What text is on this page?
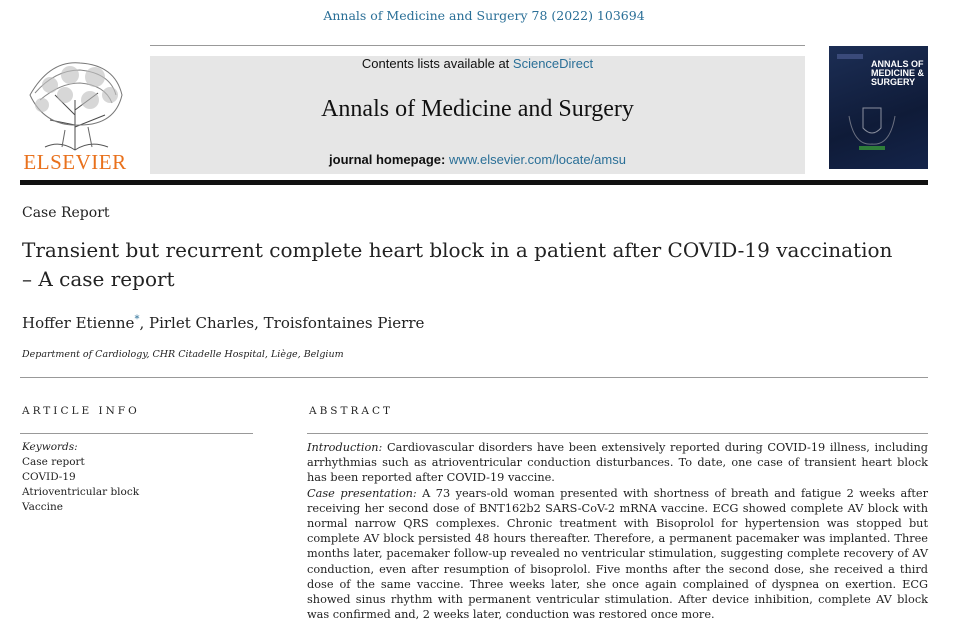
Annals of Medicine and Surgery 78 (2022) 103694
ELSEVIER
Contents lists available at ScienceDirect
Annals of Medicine and Surgery
journal homepage: www.elsevier.com/locate/amsu
ANNALS OF MEDICINE & SURGERY
Case Report
Transient but recurrent complete heart block in a patient after COVID-19 vaccination – A case report
Hoffer Etienne*, Pirlet Charles, Troisfontaines Pierre
Department of Cardiology, CHR Citadelle Hospital, Liège, Belgium
ARTICLE INFO	ABSTRACT
Keywords:
Case report
COVID-19
Atrioventricular block
Vaccine

Introduction: Cardiovascular disorders have been extensively reported during COVID-19 illness, including arrhythmias such as atrioventricular conduction disturbances. To date, one case of transient heart block has been reported after COVID-19 vaccine.

Case presentation: A 73 years-old woman presented with shortness of breath and fatigue 2 weeks after receiving her second dose of BNT162b2 SARS-CoV-2 mRNA vaccine. ECG showed complete AV block with normal narrow QRS complexes. Chronic treatment with Bisoprolol for hypertension was stopped but complete AV block persisted 48 hours thereafter. Therefore, a permanent pacemaker was implanted. Three months later, pacemaker follow-up revealed no ventricular stimulation, suggesting complete recovery of AV conduction, even after resumption of bisoprolol. Five months after the second dose, she received a third dose of the same vaccine. Three weeks later, she once again complained of dyspnea on exertion. ECG showed sinus rhythm with permanent ventricular stimulation. After device inhibition, complete AV block was confirmed and, 2 weeks later, conduction was restored once more.
